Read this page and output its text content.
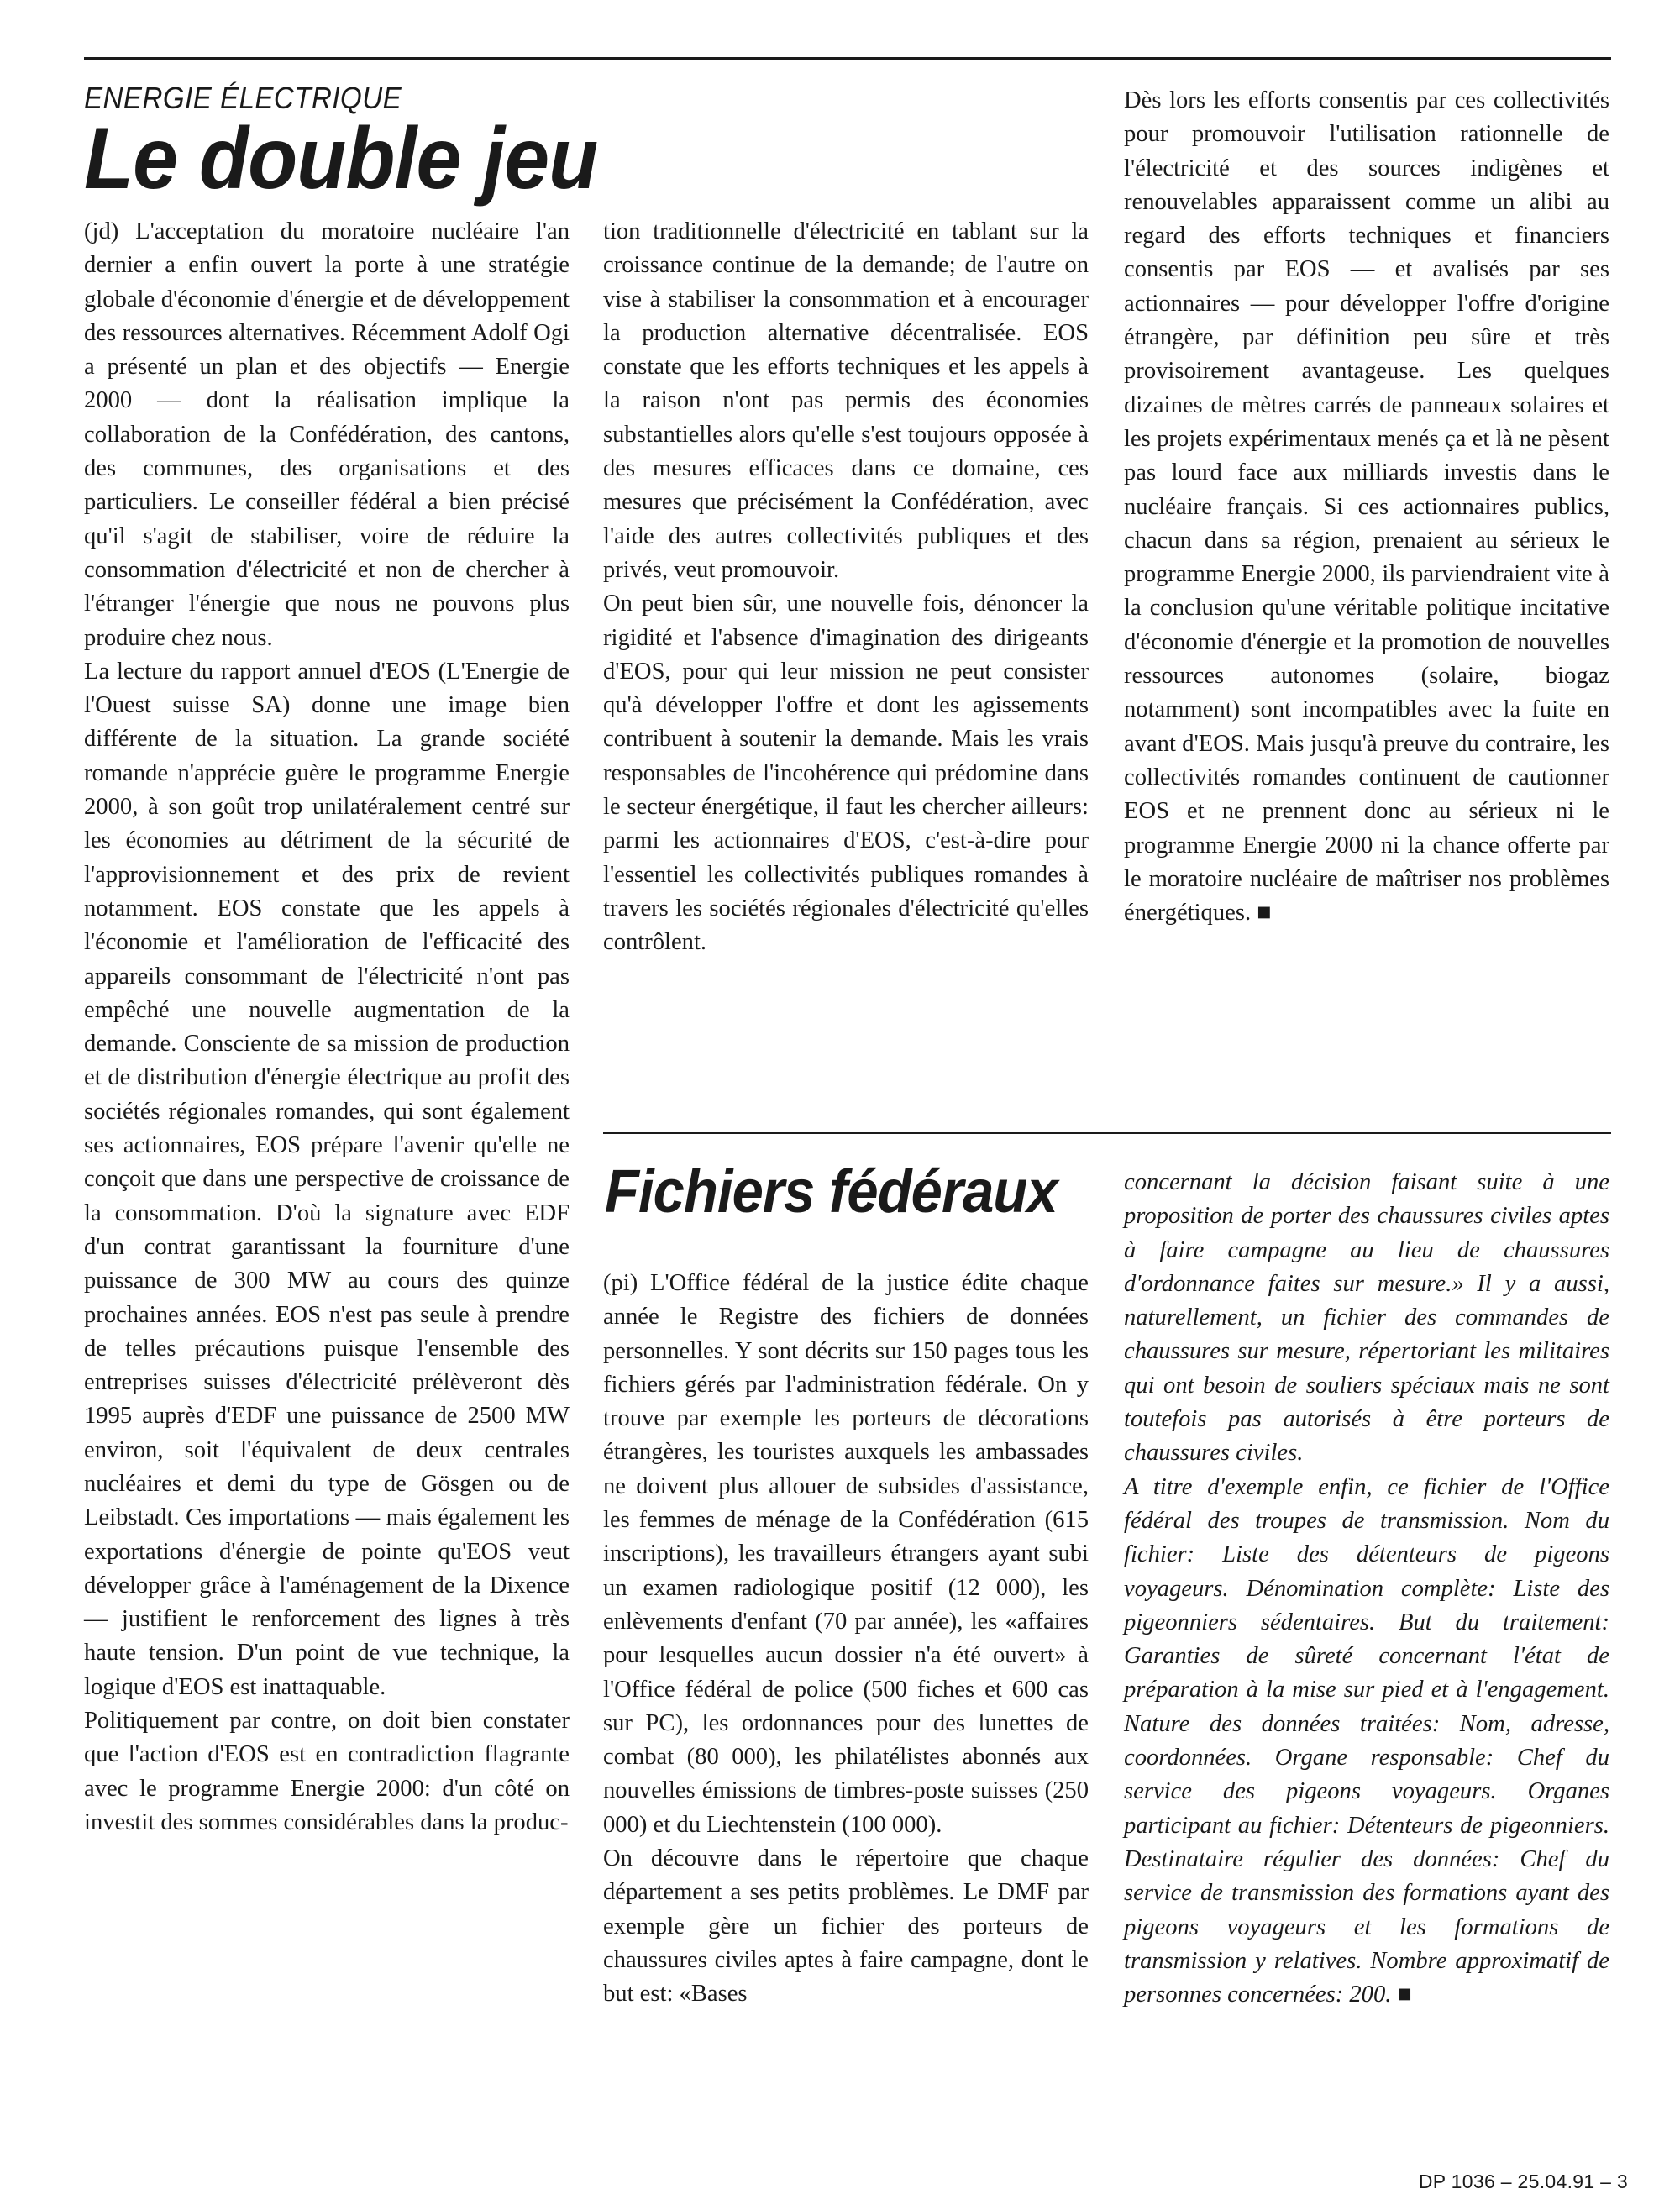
ENERGIE ÉLECTRIQUE
Le double jeu

(jd) L'acceptation du moratoire nucléaire l'an dernier a enfin ouvert la porte à une stratégie globale d'économie d'énergie et de développement des ressources alternatives. Récemment Adolf Ogi a présenté un plan et des objectifs — Energie 2000 — dont la réalisation implique la collaboration de la Confédération, des cantons, des communes, des organisations et des particuliers. Le conseiller fédéral a bien précisé qu'il s'agit de stabiliser, voire de réduire la consommation d'électricité et non de chercher à l'étranger l'énergie que nous ne pouvons plus produire chez nous.

La lecture du rapport annuel d'EOS (L'Energie de l'Ouest suisse SA) donne une image bien différente de la situation. La grande société romande n'apprécie guère le programme Energie 2000, à son goût trop unilatéralement centré sur les économies au détriment de la sécurité de l'approvisionnement et des prix de revient notamment. EOS constate que les appels à l'économie et l'amélioration de l'efficacité des appareils consommant de l'électricité n'ont pas empêché une nouvelle augmentation de la demande. Consciente de sa mission de production et de distribution d'énergie électrique au profit des sociétés régionales romandes, qui sont également ses actionnaires, EOS prépare l'avenir qu'elle ne conçoit que dans une perspective de croissance de la consommation. D'où la signature avec EDF d'un contrat garantissant la fourniture d'une puissance de 300 MW au cours des quinze prochaines années. EOS n'est pas seule à prendre de telles précautions puisque l'ensemble des entreprises suisses d'électricité prélèveront dès 1995 auprès d'EDF une puissance de 2500 MW environ, soit l'équivalent de deux centrales nucléaires et demi du type de Gösgen ou de Leibstadt. Ces importations — mais également les exportations d'énergie de pointe qu'EOS veut développer grâce à l'aménagement de la Dixence — justifient le renforcement des lignes à très haute tension. D'un point de vue technique, la logique d'EOS est inattaquable.

Politiquement par contre, on doit bien constater que l'action d'EOS est en contradiction flagrante avec le programme Energie 2000: d'un côté on investit des sommes considérables dans la produc-

tion traditionnelle d'électricité en tablant sur la croissance continue de la demande; de l'autre on vise à stabiliser la consommation et à encourager la production alternative décentralisée. EOS constate que les efforts techniques et les appels à la raison n'ont pas permis des économies substantielles alors qu'elle s'est toujours opposée à des mesures efficaces dans ce domaine, ces mesures que précisément la Confédération, avec l'aide des autres collectivités publiques et des privés, veut promouvoir.

On peut bien sûr, une nouvelle fois, dénoncer la rigidité et l'absence d'imagination des dirigeants d'EOS, pour qui leur mission ne peut consister qu'à développer l'offre et dont les agissements contribuent à soutenir la demande. Mais les vrais responsables de l'incohérence qui prédomine dans le secteur énergétique, il faut les chercher ailleurs: parmi les actionnaires d'EOS, c'est-à-dire pour l'essentiel les collectivités publiques romandes à travers les sociétés régionales d'électricité qu'elles contrôlent.

Dès lors les efforts consentis par ces collectivités pour promouvoir l'utilisation rationnelle de l'électricité et des sources indigènes et renouvelables apparaissent comme un alibi au regard des efforts techniques et financiers consentis par EOS — et avalisés par ses actionnaires — pour développer l'offre d'origine étrangère, par définition peu sûre et très provisoirement avantageuse. Les quelques dizaines de mètres carrés de panneaux solaires et les projets expérimentaux menés ça et là ne pèsent pas lourd face aux milliards investis dans le nucléaire français. Si ces actionnaires publics, chacun dans sa région, prenaient au sérieux le programme Energie 2000, ils parviendraient vite à la conclusion qu'une véritable politique incitative d'économie d'énergie et la promotion de nouvelles ressources autonomes (solaire, biogaz notamment) sont incompatibles avec la fuite en avant d'EOS. Mais jusqu'à preuve du contraire, les collectivités romandes continuent de cautionner EOS et ne prennent donc au sérieux ni le programme Energie 2000 ni la chance offerte par le moratoire nucléaire de maîtriser nos problèmes énergétiques. ■

Fichiers fédéraux

(pi) L'Office fédéral de la justice édite chaque année le Registre des fichiers de données personnelles. Y sont décrits sur 150 pages tous les fichiers gérés par l'administration fédérale. On y trouve par exemple les porteurs de décorations étrangères, les touristes auxquels les ambassades ne doivent plus allouer de subsides d'assistance, les femmes de ménage de la Confédération (615 inscriptions), les travailleurs étrangers ayant subi un examen radiologique positif (12 000), les enlèvements d'enfant (70 par année), les «affaires pour lesquelles aucun dossier n'a été ouvert» à l'Office fédéral de police (500 fiches et 600 cas sur PC), les ordonnances pour des lunettes de combat (80 000), les philatélistes abonnés aux nouvelles émissions de timbres-poste suisses (250 000) et du Liechtenstein (100 000).

On découvre dans le répertoire que chaque département a ses petits problèmes. Le DMF par exemple gère un fichier des porteurs de chaussures civiles aptes à faire campagne, dont le but est: «Bases

concernant la décision faisant suite à une proposition de porter des chaussures civiles aptes à faire campagne au lieu de chaussures d'ordonnance faites sur mesure.» Il y a aussi, naturellement, un fichier des commandes de chaussures sur mesure, répertoriant les militaires qui ont besoin de souliers spéciaux mais ne sont toutefois pas autorisés à être porteurs de chaussures civiles.

A titre d'exemple enfin, ce fichier de l'Office fédéral des troupes de transmission. Nom du fichier: Liste des détenteurs de pigeons voyageurs. Dénomination complète: Liste des pigeonniers sédentaires. But du traitement: Garanties de sûreté concernant l'état de préparation à la mise sur pied et à l'engagement. Nature des données traitées: Nom, adresse, coordonnées. Organe responsable: Chef du service des pigeons voyageurs. Organes participant au fichier: Détenteurs de pigeonniers. Destinataire régulier des données: Chef du service de transmission des formations ayant des pigeons voyageurs et les formations de transmission y relatives. Nombre approximatif de personnes concernées: 200. ■

DP 1036 – 25.04.91 – 3
